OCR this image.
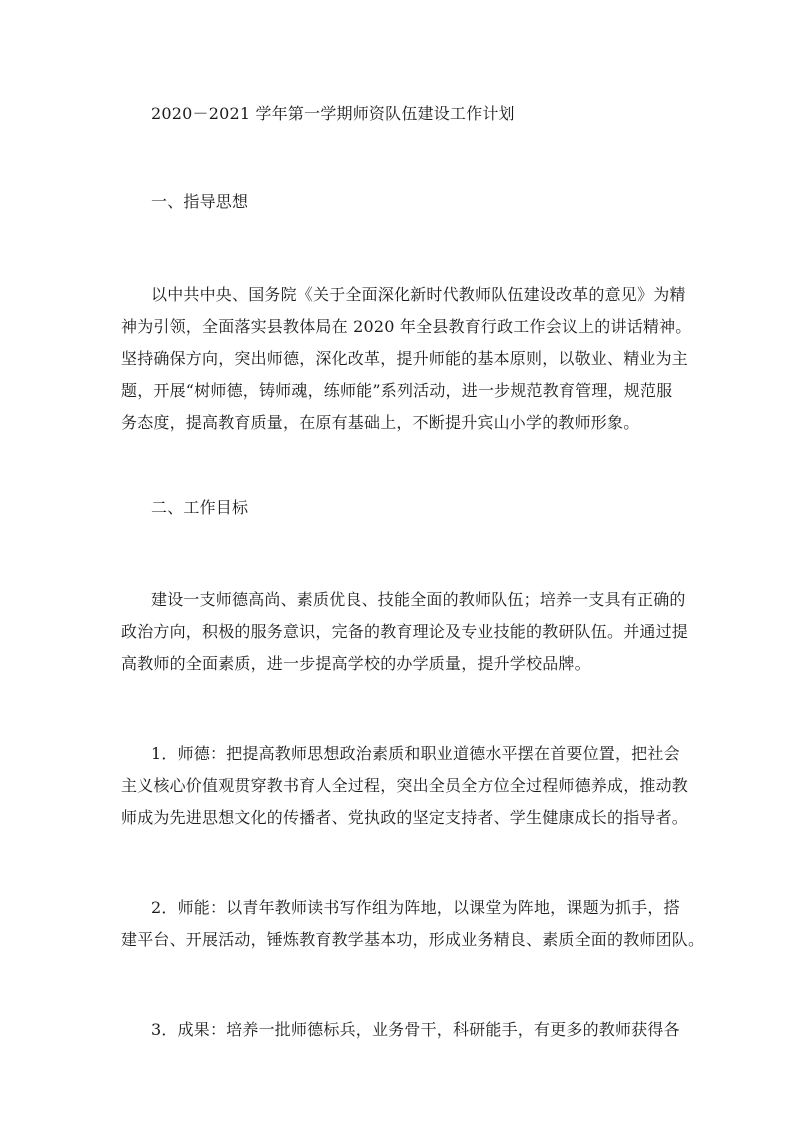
2020－2021 学年第一学期师资队伍建设工作计划
一、指导思想
以中共中央、国务院《关于全面深化新时代教师队伍建设改革的意见》为精
神为引领，全面落实县教体局在 2020 年全县教育行政工作会议上的讲话精神。
坚持确保方向，突出师德，深化改革，提升师能的基本原则，以敬业、精业为主
题，开展“树师德，铸师魂，练师能”系列活动，进一步规范教育管理，规范服
务态度，提高教育质量，在原有基础上，不断提升宾山小学的教师形象。
二、工作目标
建设一支师德高尚、素质优良、技能全面的教师队伍；培养一支具有正确的
政治方向，积极的服务意识，完备的教育理论及专业技能的教研队伍。并通过提
高教师的全面素质，进一步提高学校的办学质量，提升学校品牌。
1．师德：把提高教师思想政治素质和职业道德水平摆在首要位置，把社会
主义核心价值观贯穿教书育人全过程，突出全员全方位全过程师德养成，推动教
师成为先进思想文化的传播者、党执政的坚定支持者、学生健康成长的指导者。
2．师能：以青年教师读书写作组为阵地，以课堂为阵地，课题为抓手，搭
建平台、开展活动，锤炼教育教学基本功，形成业务精良、素质全面的教师团队。
3．成果：培养一批师德标兵，业务骨干，科研能手，有更多的教师获得各
